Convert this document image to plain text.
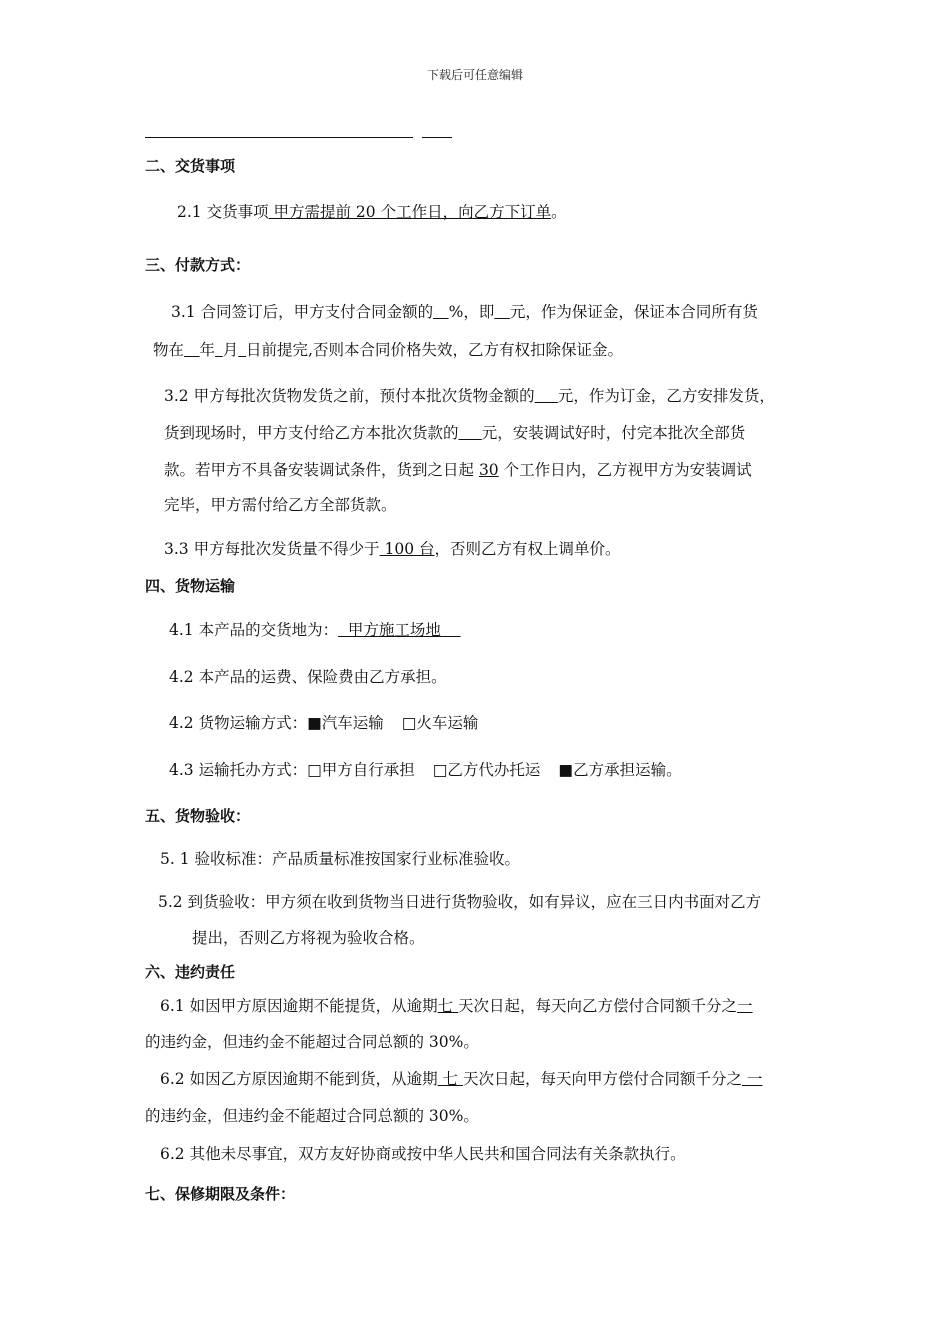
下载后可任意编辑
二、交货事项
2.1 交货事项 甲方需提前 20 个工作日，向乙方下订单。
三、付款方式：
3.1 合同签订后，甲方支付合同金额的   %，即   元，作为保证金，保证本合同所有货
物在   年  月  日前提完,否则本合同价格失效，乙方有权扣除保证金。
3.2 甲方每批次货物发货之前，预付本批次货物金额的    元，作为订金，乙方安排发货，
货到现场时，甲方支付给乙方本批次货款的    元，安装调试好时，付完本批次全部货
款。若甲方不具备安装调试条件，货到之日起 30 个工作日内，乙方视甲方为安装调试
完毕，甲方需付给乙方全部货款。
3.3 甲方每批次发货量不得少于 100 台，否则乙方有权上调单价。
四、货物运输
4.1 本产品的交货地为：  甲方施工场地
4.2 本产品的运费、保险费由乙方承担。
4.2 货物运输方式：■汽车运输 □火车运输
4.3 运输托办方式：□甲方自行承担 □乙方代办托运 ■乙方承担运输。
五、货物验收：
5. 1 验收标准：产品质量标准按国家行业标准验收。
5.2 到货验收：甲方须在收到货物当日进行货物验收，如有异议，应在三日内书面对乙方
提出，否则乙方将视为验收合格。
六、违约责任
6.1 如因甲方原因逾期不能提货，从逾期七 天次日起，每天向乙方偿付合同额千分之一
的违约金，但违约金不能超过合同总额的 30%。
6.2 如因乙方原因逾期不能到货，从逾期 七 天次日起，每天向甲方偿付合同额千分之 一
的违约金，但违约金不能超过合同总额的 30%。
6.2 其他未尽事宜，双方友好协商或按中华人民共和国合同法有关条款执行。
七、保修期限及条件：
